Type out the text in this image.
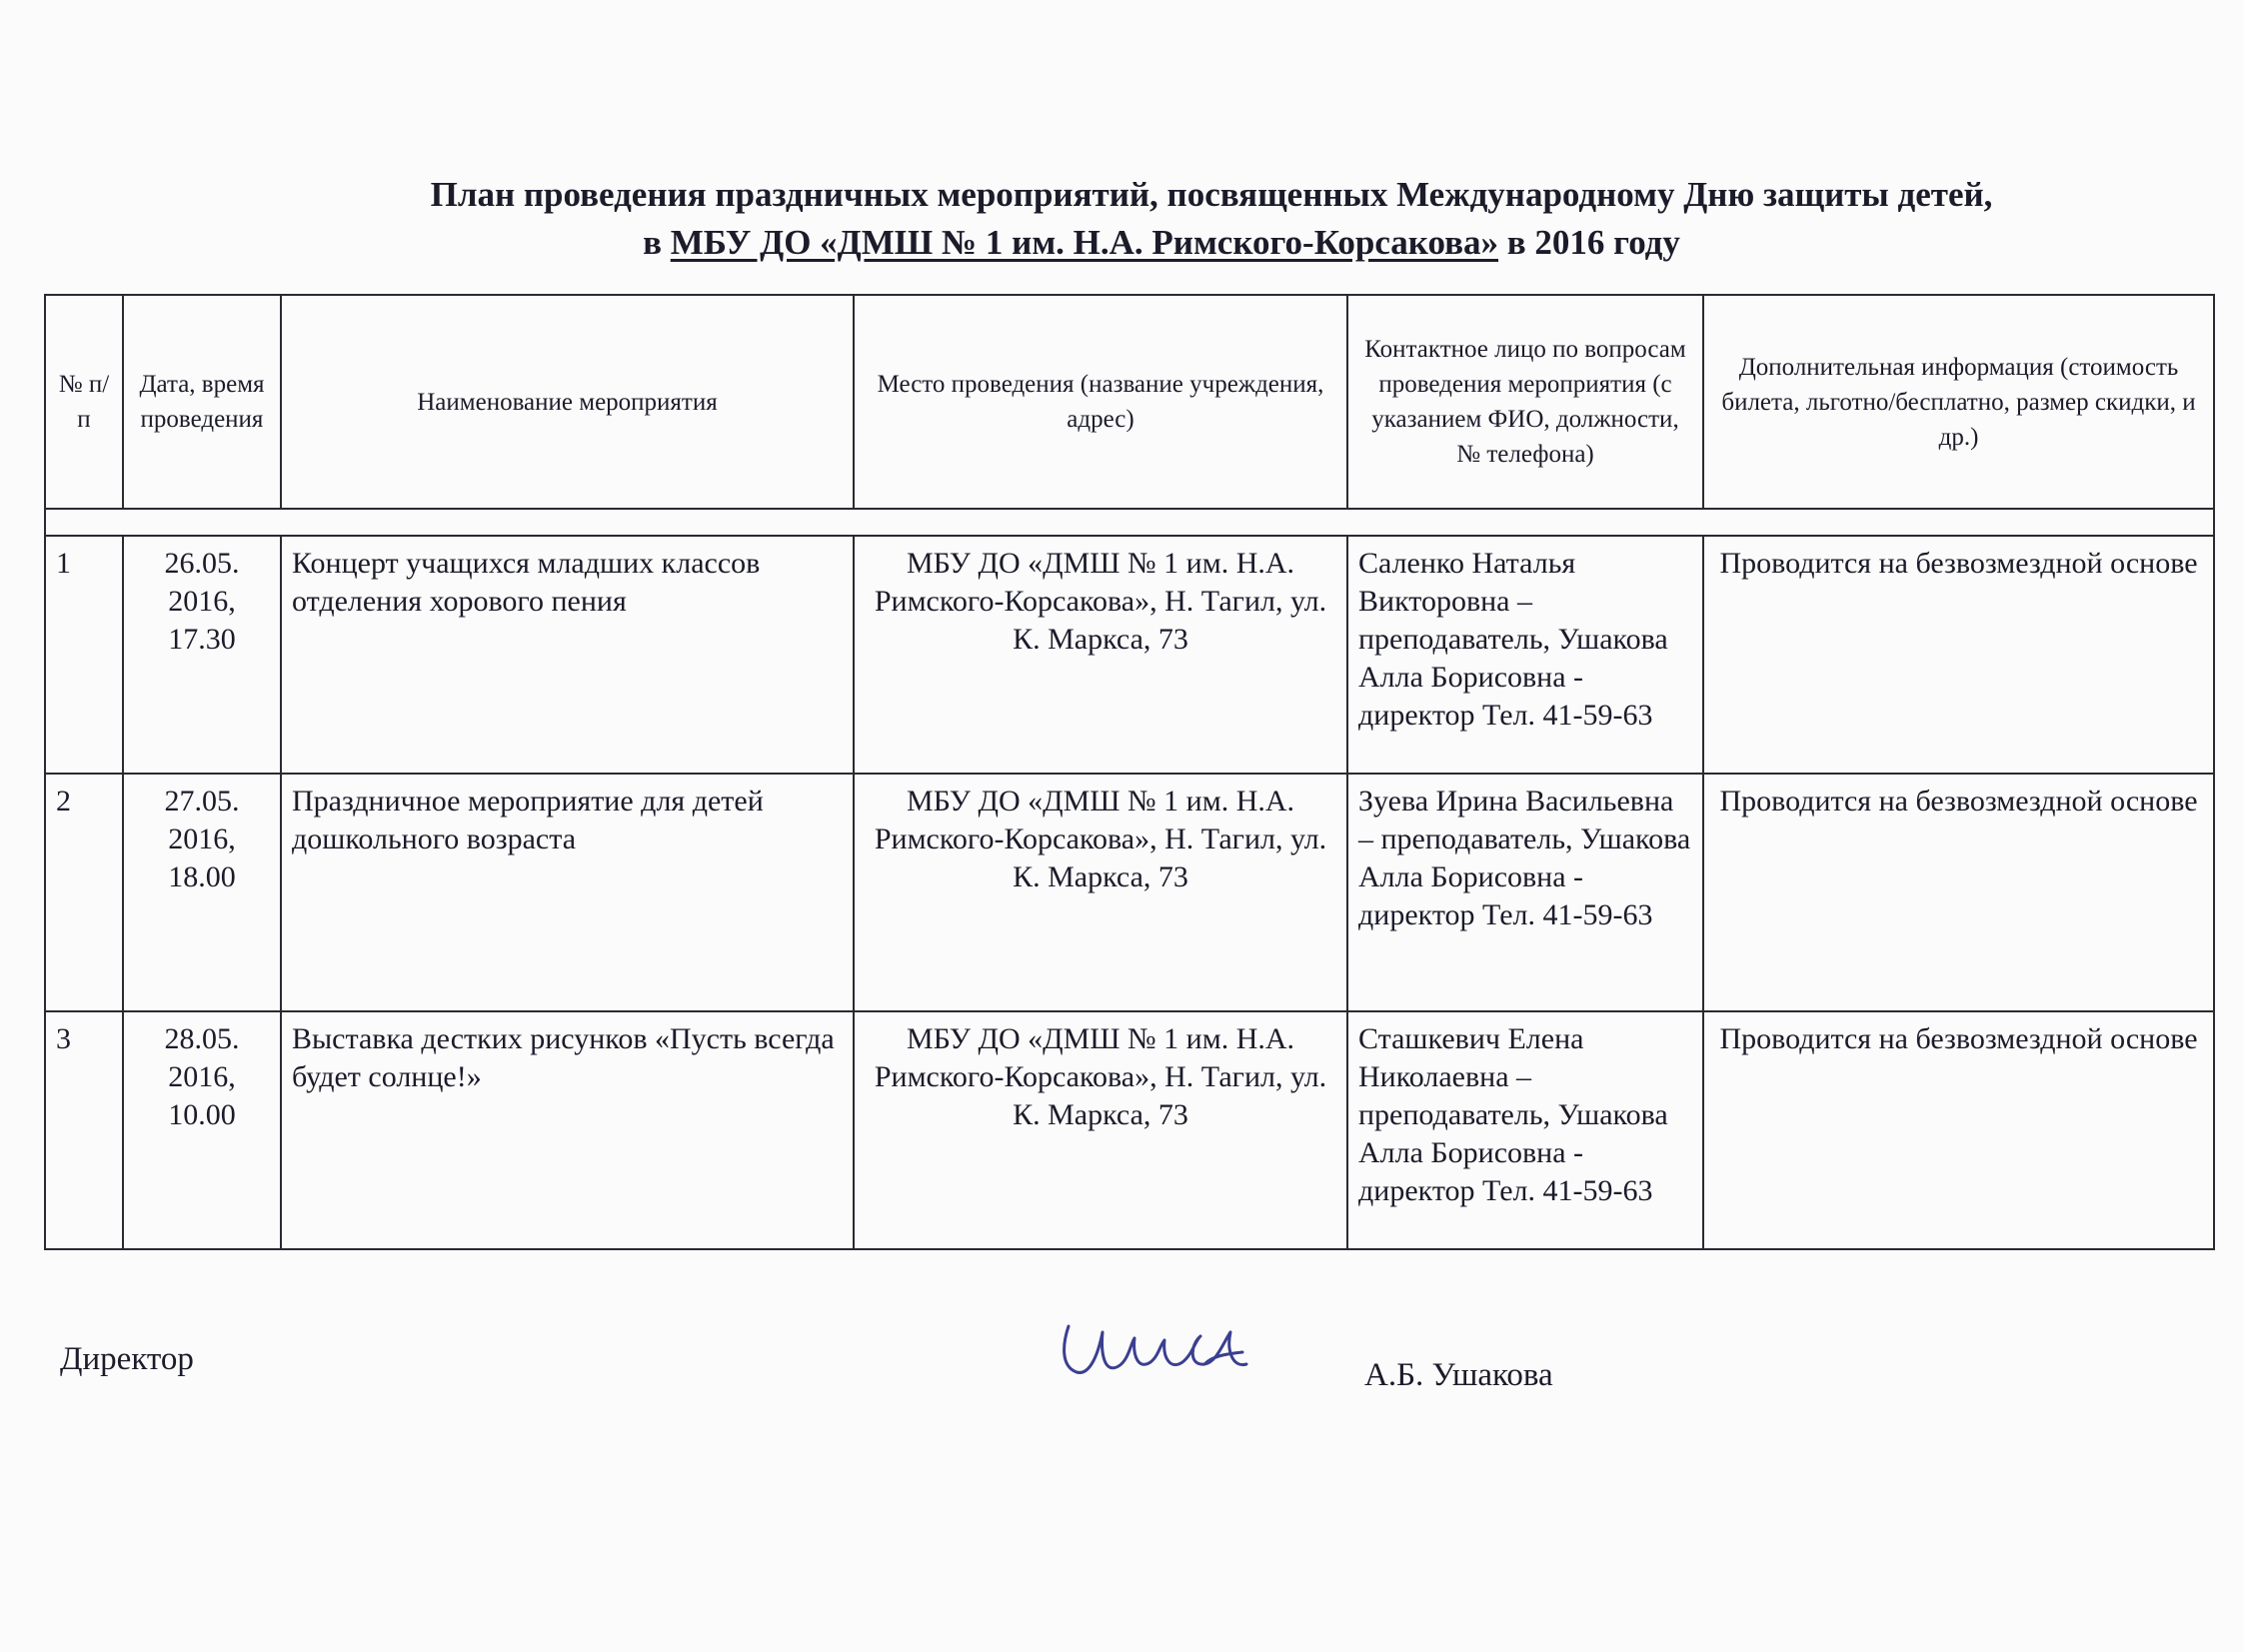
План проведения праздничных мероприятий, посвященных Международному Дню защиты детей,
в МБУ ДО «ДМШ № 1 им. Н.А. Римского-Корсакова» в 2016 году
№ п/п	Дата, время проведения	Наименование мероприятия	Место проведения (название учреждения, адрес)	Контактное лицо по вопросам проведения мероприятия (с указанием ФИО, должности, № телефона)	Дополнительная информация (стоимость билета, льготно/бесплатно, размер скидки, и др.)

1	26.05. 2016, 17.30	Концерт учащихся младших классов отделения хорового пения	МБУ ДО «ДМШ № 1 им. Н.А. Римского-Корсакова», Н. Тагил, ул. К. Маркса, 73	Саленко Наталья Викторовна – преподаватель, Ушакова Алла Борисовна - директор Тел. 41-59-63	Проводится на безвозмездной основе
2	27.05. 2016, 18.00	Праздничное мероприятие для детей дошкольного возраста	МБУ ДО «ДМШ № 1 им. Н.А. Римского-Корсакова», Н. Тагил, ул. К. Маркса, 73	Зуева Ирина Васильевна – преподаватель, Ушакова Алла Борисовна - директор Тел. 41-59-63	Проводится на безвозмездной основе
3	28.05. 2016, 10.00	Выставка дестких рисунков «Пусть всегда будет солнце!»	МБУ ДО «ДМШ № 1 им. Н.А. Римского-Корсакова», Н. Тагил, ул. К. Маркса, 73	Сташкевич Елена Николаевна – преподаватель, Ушакова Алла Борисовна - директор Тел. 41-59-63	Проводится на безвозмездной основе
Директор	А.Б. Ушакова
